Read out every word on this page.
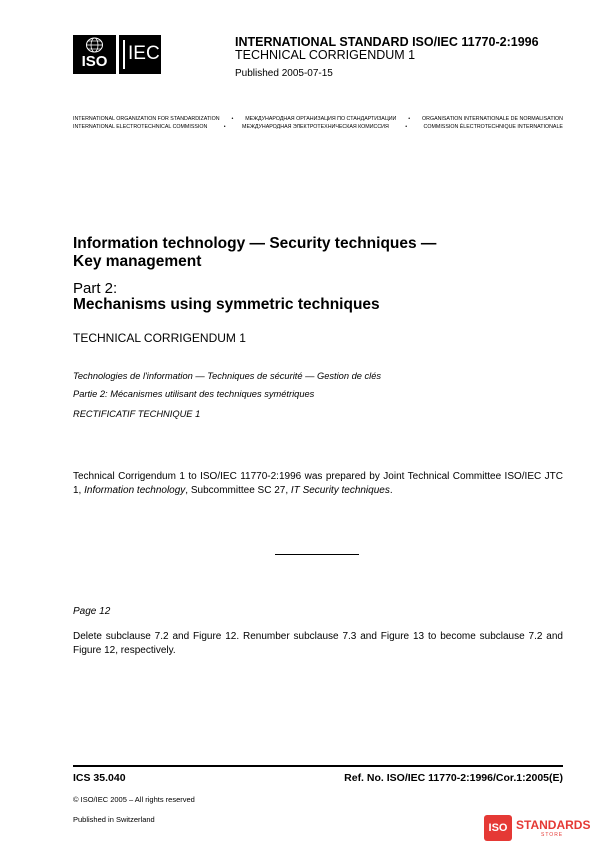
ISO	IEC
INTERNATIONAL STANDARD ISO/IEC 11770-2:1996
TECHNICAL CORRIGENDUM 1
Published 2005-07-15
INTERNATIONAL ORGANIZATION FOR STANDARDIZATION • МЕЖДУНАРОДНАЯ ОРГАНИЗАЦИЯ ПО СТАНДАРТИЗАЦИИ • ORGANISATION INTERNATIONALE DE NORMALISATION
INTERNATIONAL ELECTROTECHNICAL COMMISSION	•	МЕЖДУНАРОДНАЯ ЭЛЕКТРОТЕХНИЧЕСКАЯ КОМИССИЯ	•	COMMISSION ÉLECTROTECHNIQUE INTERNATIONALE
Information technology — Security techniques —
Key management
Part 2:
Mechanisms using symmetric techniques
TECHNICAL CORRIGENDUM 1
Technologies de l'information — Techniques de sécurité — Gestion de clés
Partie 2: Mécanismes utilisant des techniques symétriques
RECTIFICATIF TECHNIQUE 1
Technical Corrigendum 1 to ISO/IEC 11770-2:1996 was prepared by Joint Technical Committee ISO/IEC JTC 1, Information technology, Subcommittee SC 27, IT Security techniques.
Page 12
Delete subclause 7.2 and Figure 12. Renumber subclause 7.3 and Figure 13 to become subclause 7.2 and Figure 12, respectively.
ICS 35.040	Ref. No. ISO/IEC 11770-2:1996/Cor.1:2005(E)
© ISO/IEC 2005 – All rights reserved
Published in Switzerland
ISO STANDARDS
STORE
